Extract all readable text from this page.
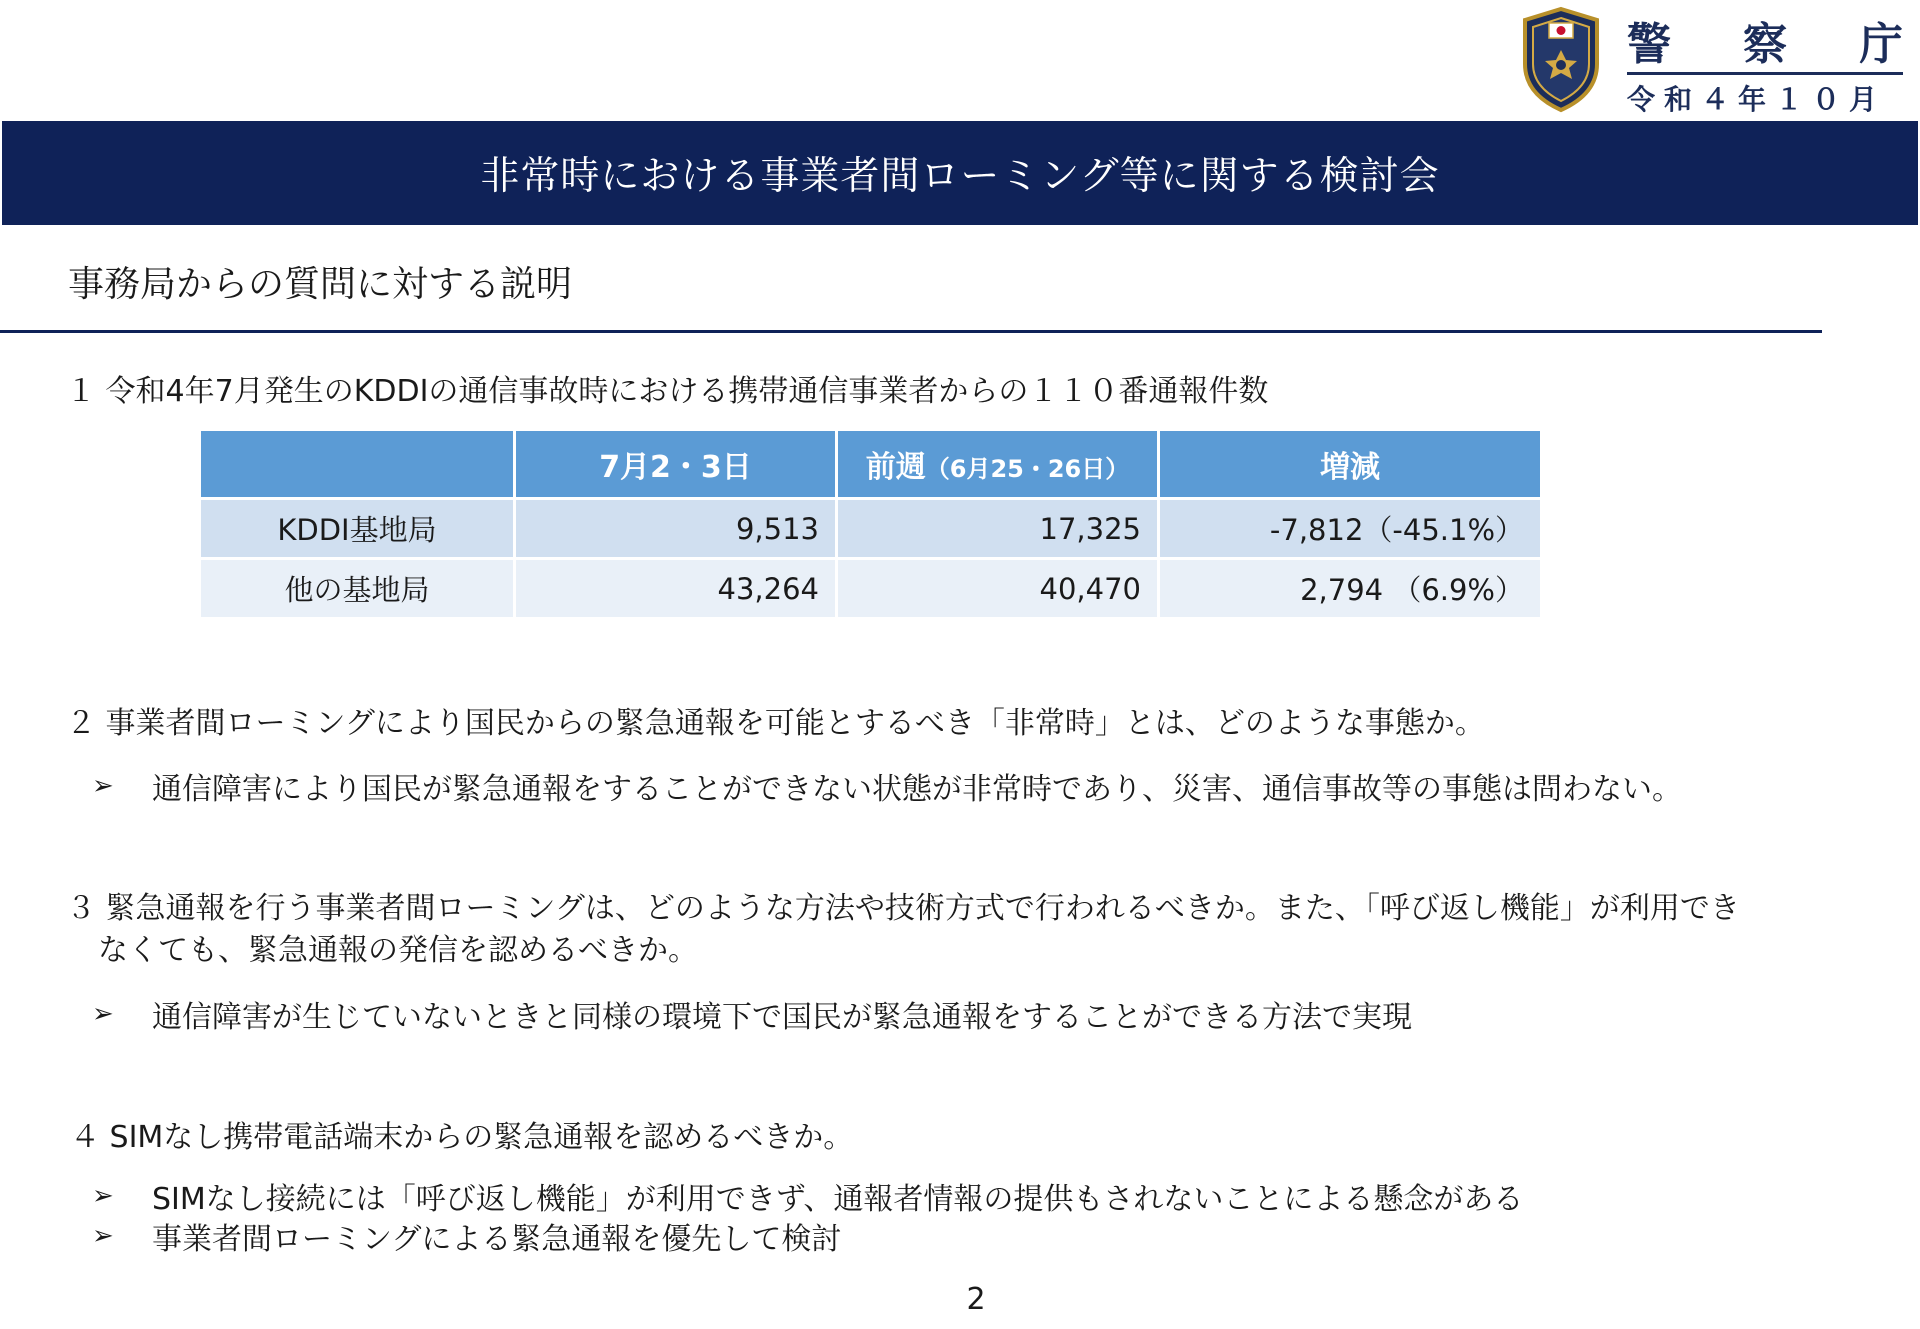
警 察 庁
令和４年１０月
非常時における事業者間ローミング等に関する検討会
事務局からの質問に対する説明
１ 令和4年7月発生のKDDIの通信事故時における携帯通信事業者からの１１０番通報件数
	7月2・3日	前週（6月25・26日）	増減
KDDI基地局	9,513	17,325	-7,812（-45.1%）
他の基地局	43,264	40,470	2,794 （6.9%）
２ 事業者間ローミングにより国民からの緊急通報を可能とするべき「非常時」とは、どのような事態か。
➢	通信障害により国民が緊急通報をすることができない状態が非常時であり、災害、通信事故等の事態は問わない。
３ 緊急通報を行う事業者間ローミングは、どのような方法や技術方式で行われるべきか。また、「呼び返し機能」が利用でき
なくても、緊急通報の発信を認めるべきか。
➢	通信障害が生じていないときと同様の環境下で国民が緊急通報をすることができる方法で実現
４ SIMなし携帯電話端末からの緊急通報を認めるべきか。
➢	SIMなし接続には「呼び返し機能」が利用できず、通報者情報の提供もされないことによる懸念がある
➢	事業者間ローミングによる緊急通報を優先して検討
2
